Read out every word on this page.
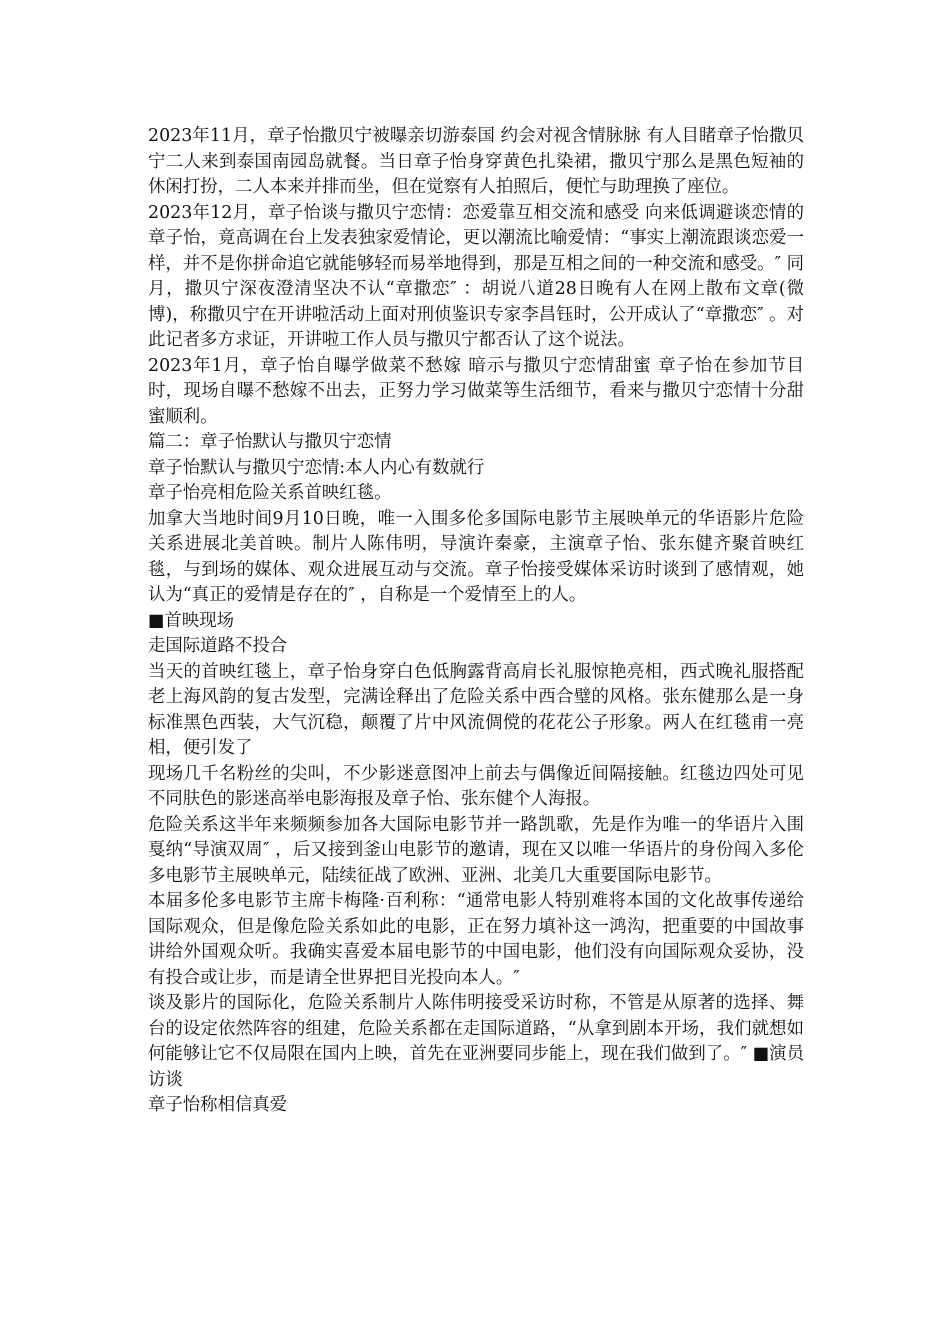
2023年11月，章子怡撒贝宁被曝亲切游泰国 约会对视含情脉脉 有人目睹章子怡撒贝宁二人来到泰国南园岛就餐。当日章子怡身穿黄色扎染裙，撒贝宁那么是黑色短袖的休闲打扮，二人本来并排而坐，但在觉察有人拍照后，便忙与助理换了座位。

2023年12月，章子怡谈与撒贝宁恋情：恋爱靠互相交流和感受 向来低调避谈恋情的章子怡，竟高调在台上发表独家爱情论，更以潮流比喻爱情：“事实上潮流跟谈恋爱一样，并不是你拼命追它就能够轻而易举地得到，那是互相之间的一种交流和感受。″ 同月，撒贝宁深夜澄清坚决不认“章撒恋″ ：胡说八道28日晚有人在网上散布文章(微博)，称撒贝宁在开讲啦活动上面对刑侦鉴识专家李昌钰时，公开成认了“章撒恋″ 。对此记者多方求证，开讲啦工作人员与撒贝宁都否认了这个说法。

2023年1月，章子怡自曝学做菜不愁嫁 暗示与撒贝宁恋情甜蜜 章子怡在参加节目时，现场自曝不愁嫁不出去，正努力学习做菜等生活细节，看来与撒贝宁恋情十分甜蜜顺利。

篇二：章子怡默认与撒贝宁恋情

章子怡默认与撒贝宁恋情:本人内心有数就行

章子怡亮相危险关系首映红毯。

加拿大当地时间9月10日晚，唯一入围多伦多国际电影节主展映单元的华语影片危险关系进展北美首映。制片人陈伟明，导演许秦豪，主演章子怡、张东健齐聚首映红毯，与到场的媒体、观众进展互动与交流。章子怡接受媒体采访时谈到了感情观，她认为“真正的爱情是存在的″ ，自称是一个爱情至上的人。

■首映现场

走国际道路不投合

当天的首映红毯上，章子怡身穿白色低胸露背高肩长礼服惊艳亮相，西式晚礼服搭配老上海风韵的复古发型，完满诠释出了危险关系中西合璧的风格。张东健那么是一身标准黑色西装，大气沉稳，颠覆了片中风流倜傥的花花公子形象。两人在红毯甫一亮相，便引发了

现场几千名粉丝的尖叫，不少影迷意图冲上前去与偶像近间隔接触。红毯边四处可见不同肤色的影迷高举电影海报及章子怡、张东健个人海报。

危险关系这半年来频频参加各大国际电影节并一路凯歌，先是作为唯一的华语片入围戛纳“导演双周″ ，后又接到釜山电影节的邀请，现在又以唯一华语片的身份闯入多伦多电影节主展映单元，陆续征战了欧洲、亚洲、北美几大重要国际电影节。

本届多伦多电影节主席卡梅隆·百利称：“通常电影人特别难将本国的文化故事传递给国际观众，但是像危险关系如此的电影，正在努力填补这一鸿沟，把重要的中国故事讲给外国观众听。我确实喜爱本届电影节的中国电影，他们没有向国际观众妥协，没有投合或让步，而是请全世界把目光投向本人。″

谈及影片的国际化，危险关系制片人陈伟明接受采访时称，不管是从原著的选择、舞台的设定依然阵容的组建，危险关系都在走国际道路，“从拿到剧本开场，我们就想如何能够让它不仅局限在国内上映，首先在亚洲要同步能上，现在我们做到了。″ ■演员访谈

章子怡称相信真爱
